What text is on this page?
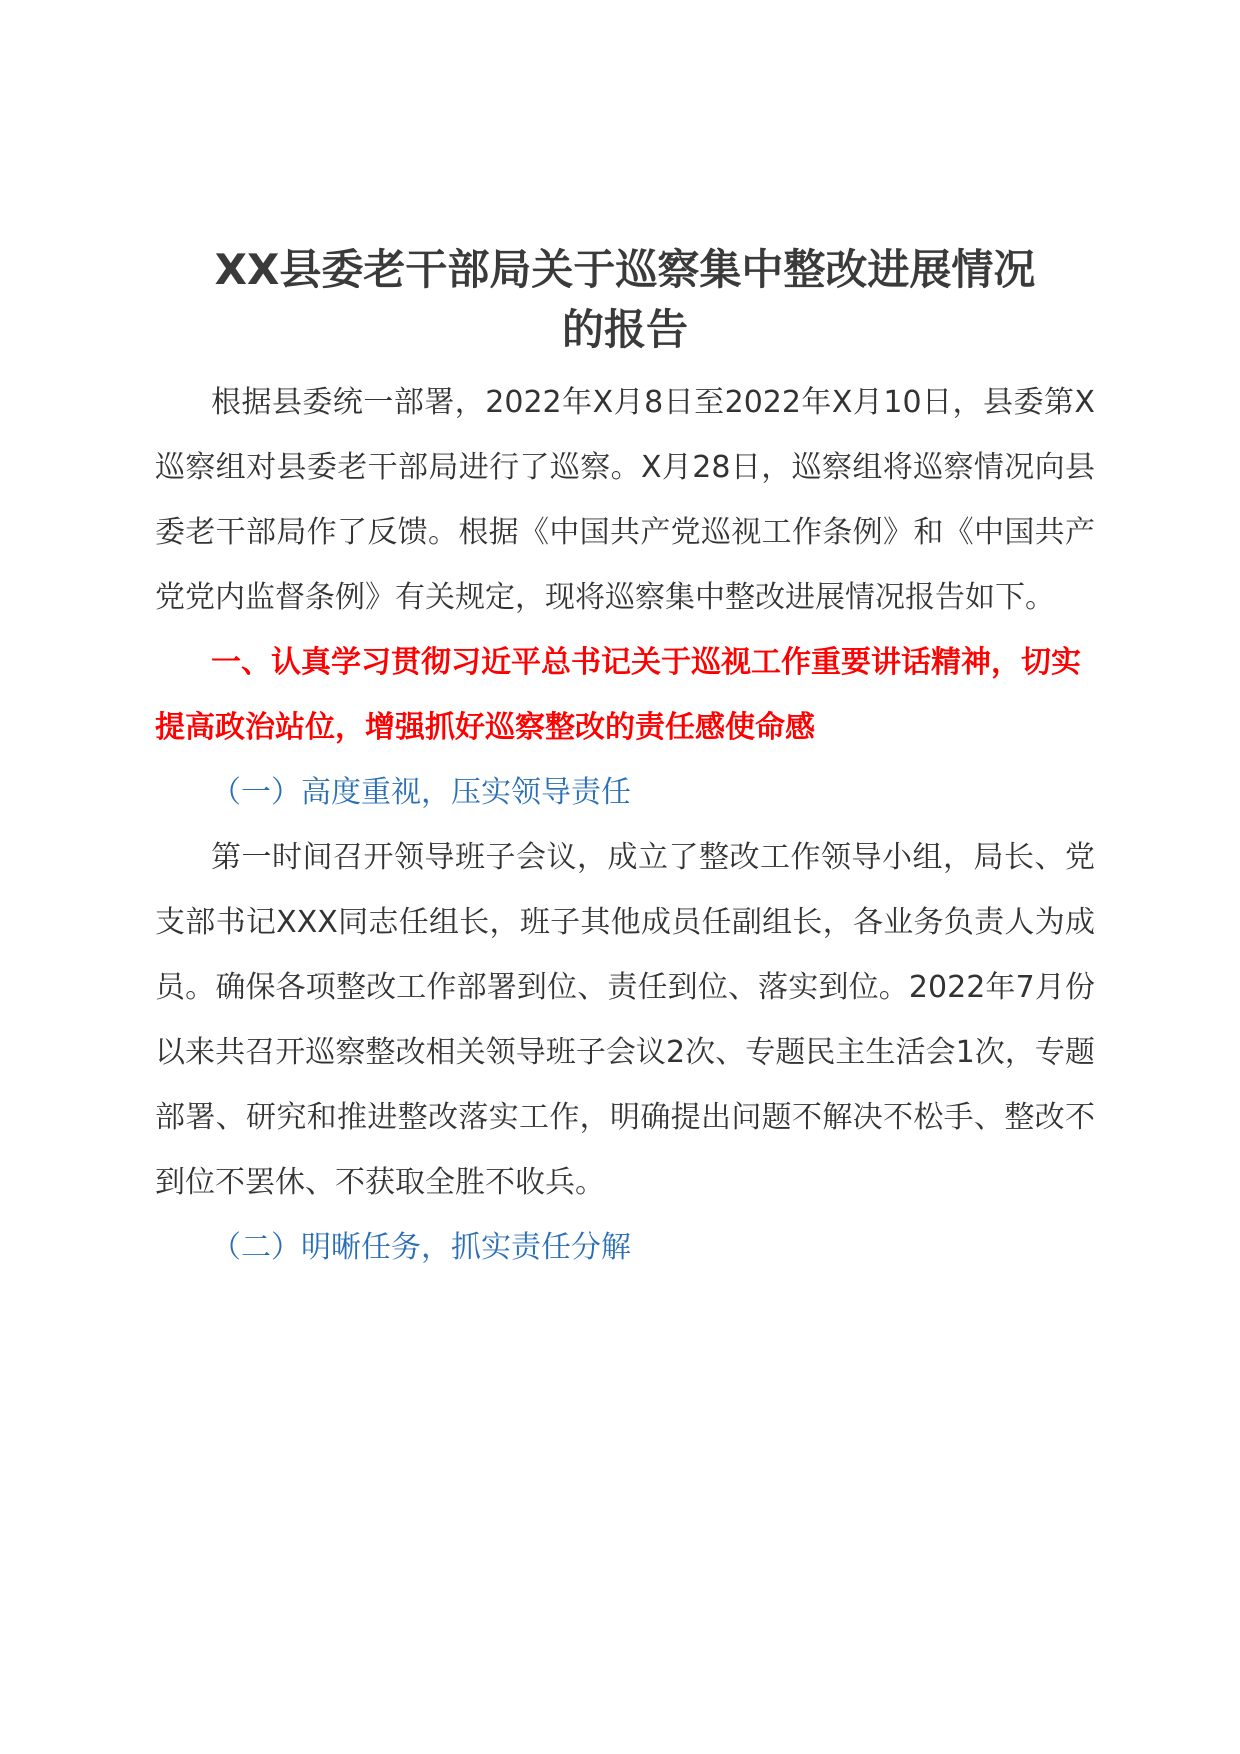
XX县委老干部局关于巡察集中整改进展情况
的报告

根据县委统一部署，2022年X月8日至2022年X月10日，县委第X巡察组对县委老干部局进行了巡察。X月28日，巡察组将巡察情况向县委老干部局作了反馈。根据《中国共产党巡视工作条例》和《中国共产党党内监督条例》有关规定，现将巡察集中整改进展情况报告如下。

一、认真学习贯彻习近平总书记关于巡视工作重要讲话精神，切实提高政治站位，增强抓好巡察整改的责任感使命感

（一）高度重视，压实领导责任

第一时间召开领导班子会议，成立了整改工作领导小组，局长、党支部书记XXX同志任组长，班子其他成员任副组长，各业务负责人为成员。确保各项整改工作部署到位、责任到位、落实到位。2022年7月份以来共召开巡察整改相关领导班子会议2次、专题民主生活会1次，专题部署、研究和推进整改落实工作，明确提出问题不解决不松手、整改不到位不罢休、不获取全胜不收兵。

（二）明晰任务，抓实责任分解
